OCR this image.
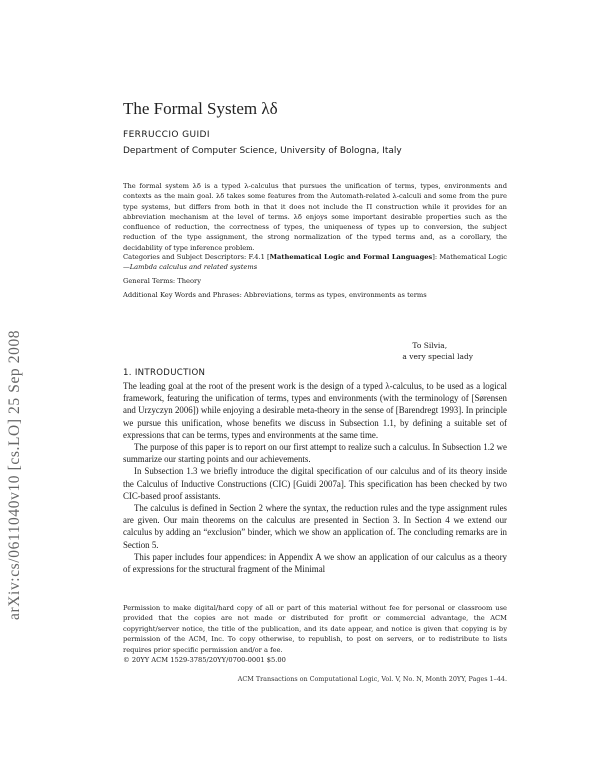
arXiv:cs/0611040v10 [cs.LO] 25 Sep 2008
The Formal System λδ
FERRUCCIO GUIDI
Department of Computer Science, University of Bologna, Italy
The formal system λδ is a typed λ-calculus that pursues the unification of terms, types, environments and contexts as the main goal. λδ takes some features from the Automath-related λ-calculi and some from the pure type systems, but differs from both in that it does not include the Π construction while it provides for an abbreviation mechanism at the level of terms. λδ enjoys some important desirable properties such as the confluence of reduction, the correctness of types, the uniqueness of types up to conversion, the subject reduction of the type assignment, the strong normalization of the typed terms and, as a corollary, the decidability of type inference problem.
Categories and Subject Descriptors: F.4.1 [Mathematical Logic and Formal Languages]: Mathematical Logic—Lambda calculus and related systems
General Terms: Theory
Additional Key Words and Phrases: Abbreviations, terms as types, environments as terms
To Silvia,
a very special lady
1. INTRODUCTION

The leading goal at the root of the present work is the design of a typed λ-calculus, to be used as a logical framework, featuring the unification of terms, types and environments (with the terminology of [Sørensen and Urzyczyn 2006]) while enjoying a desirable meta-theory in the sense of [Barendregt 1993]. In principle we pursue this unification, whose benefits we discuss in Subsection 1.1, by defining a suitable set of expressions that can be terms, types and environments at the same time.

The purpose of this paper is to report on our first attempt to realize such a calculus. In Subsection 1.2 we summarize our starting points and our achievements.

In Subsection 1.3 we briefly introduce the digital specification of our calculus and of its theory inside the Calculus of Inductive Constructions (CIC) [Guidi 2007a]. This specification has been checked by two CIC-based proof assistants.

The calculus is defined in Section 2 where the syntax, the reduction rules and the type assignment rules are given. Our main theorems on the calculus are presented in Section 3. In Section 4 we extend our calculus by adding an “exclusion” binder, which we show an application of. The concluding remarks are in Section 5.

This paper includes four appendices: in Appendix A we show an application of our calculus as a theory of expressions for the structural fragment of the Minimal

Permission to make digital/hard copy of all or part of this material without fee for personal or classroom use provided that the copies are not made or distributed for profit or commercial advantage, the ACM copyright/server notice, the title of the publication, and its date appear, and notice is given that copying is by permission of the ACM, Inc. To copy otherwise, to republish, to post on servers, or to redistribute to lists requires prior specific permission and/or a fee.

© 20YY ACM 1529-3785/20YY/0700-0001 $5.00

ACM Transactions on Computational Logic, Vol. V, No. N, Month 20YY, Pages 1–44.
